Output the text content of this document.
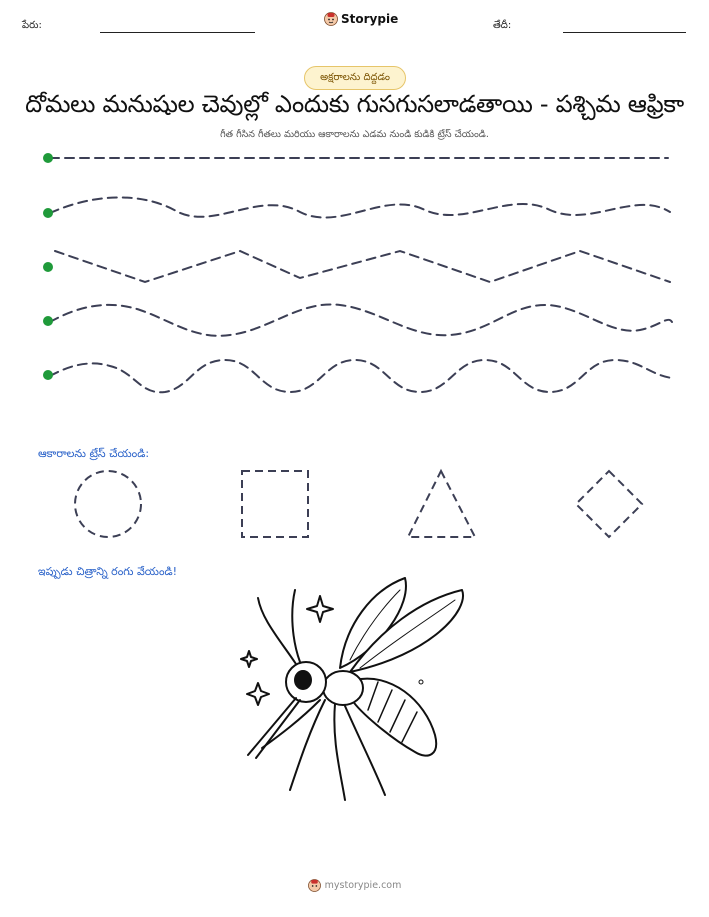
పేరు:	Storypie	తేదీ:
అక్షరాలను దిద్దడం
దోమలు మనుషుల చెవుల్లో ఎందుకు గుసగుసలాడతాయి - పశ్చిమ ఆఫ్రికా
గీత గీసిన గీతలు మరియు ఆకారాలను ఎడమ నుండి కుడికి ట్రేస్ చేయండి.
ఆకారాలను ట్రేస్ చేయండి:
ఇప్పుడు చిత్రాన్ని రంగు వేయండి!
mystorypie.com
